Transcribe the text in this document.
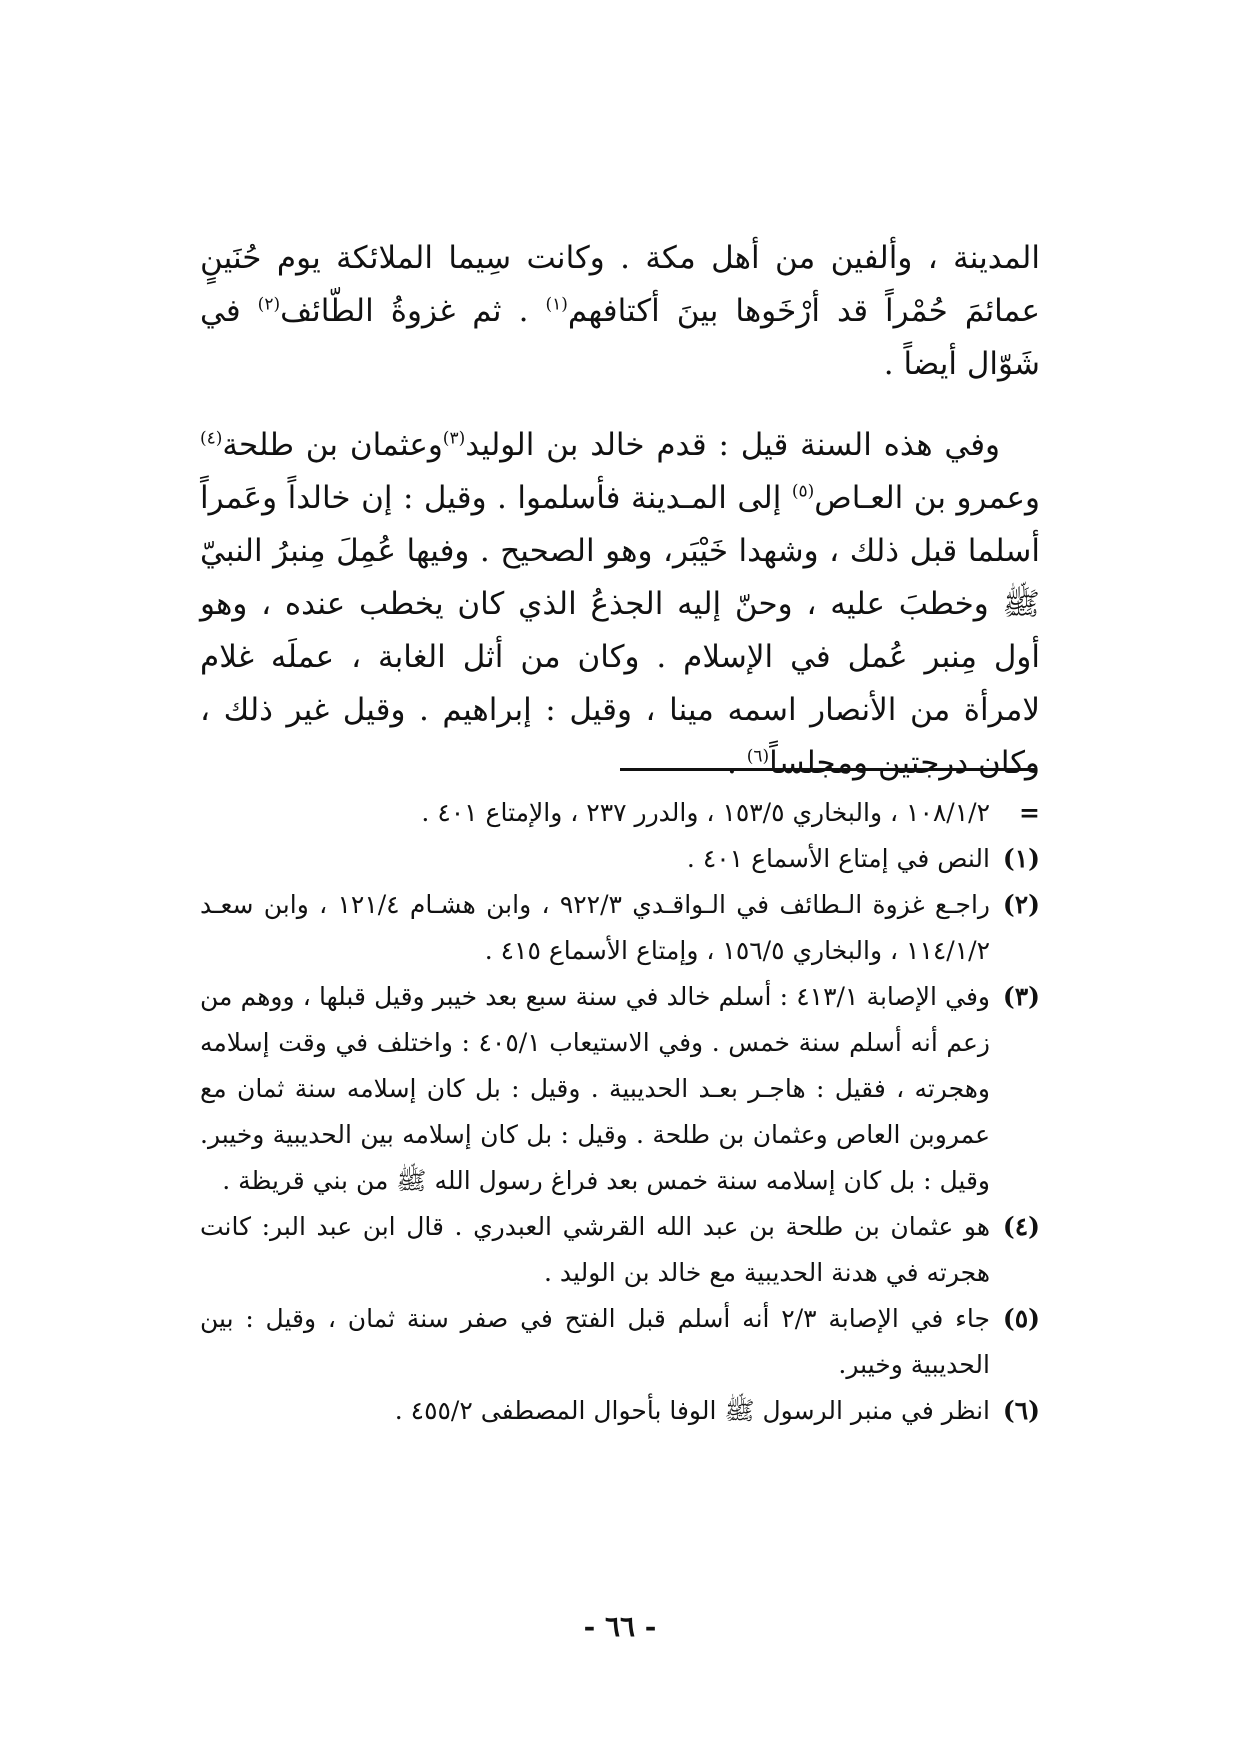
المدينة ، وألفين من أهل مكة . وكانت سِيما الملائكة يوم حُنَينٍ عمائمَ حُمْراً قد أرْخَوها بينَ أكتافهم$^{(١)}$ . ثم غزوةُ الطّائف$^{(٢)}$ في شَوّال أيضاً .

وفي هذه السنة قيل : قدم خالد بن الوليد$^{(٣)}$وعثمان بن طلحة$^{(٤)}$ وعمرو بن العـاص$^{(٥)}$ إلى المـدينة فأسلموا . وقيل : إن خالداً وعَمراً أسلما قبل ذلك ، وشهدا خَيْبَر، وهو الصحيح . وفيها عُمِلَ مِنبرُ النبيّ ﷺ وخطبَ عليه ، وحنّ إليه الجذعُ الذي كان يخطب عنده ، وهو أول مِنبر عُمل في الإسلام . وكان من أثل الغابة ، عملَه غلام لامرأة من الأنصار اسمه مينا ، وقيل : إبراهيم . وقيل غير ذلك ، وكان درجتين ومجلساً$^{(٦)}$ .

=
١٠٨/١/٢ ، والبخاري ١٥٣/٥ ، والدرر ٢٣٧ ، والإمتاع ٤٠١ .
(١)
النص في إمتاع الأسماع ٤٠١ .
(٢)
راجـع غزوة الـطائف في الـواقـدي ٩٢٢/٣ ، وابن هشـام ١٢١/٤ ، وابن سعـد ١١٤/١/٢ ، والبخاري ١٥٦/٥ ، وإمتاع الأسماع ٤١٥ .
(٣)
وفي الإصابة ٤١٣/١ : أسلم خالد في سنة سبع بعد خيبر وقيل قبلها ، ووهم من زعم أنه أسلم سنة خمس . وفي الاستيعاب ٤٠٥/١ : واختلف في وقت إسلامه وهجرته ، فقيل : هاجـر بعـد الحديبية . وقيل : بل كان إسلامه سنة ثمان مع عمروبن العاص وعثمان بن طلحة . وقيل : بل كان إسلامه بين الحديبية وخيبر. وقيل : بل كان إسلامه سنة خمس بعد فراغ رسول الله ﷺ من بني قريظة .
(٤)
هو عثمان بن طلحة بن عبد الله القرشي العبدري . قال ابن عبد البر: كانت هجرته في هدنة الحديبية مع خالد بن الوليد .
(٥)
جاء في الإصابة ٢/٣ أنه أسلم قبل الفتح في صفر سنة ثمان ، وقيل : بين الحديبية وخيبر.
(٦)
انظر في منبر الرسول ﷺ الوفا بأحوال المصطفى ٤٥٥/٢ .
- ٦٦ -
